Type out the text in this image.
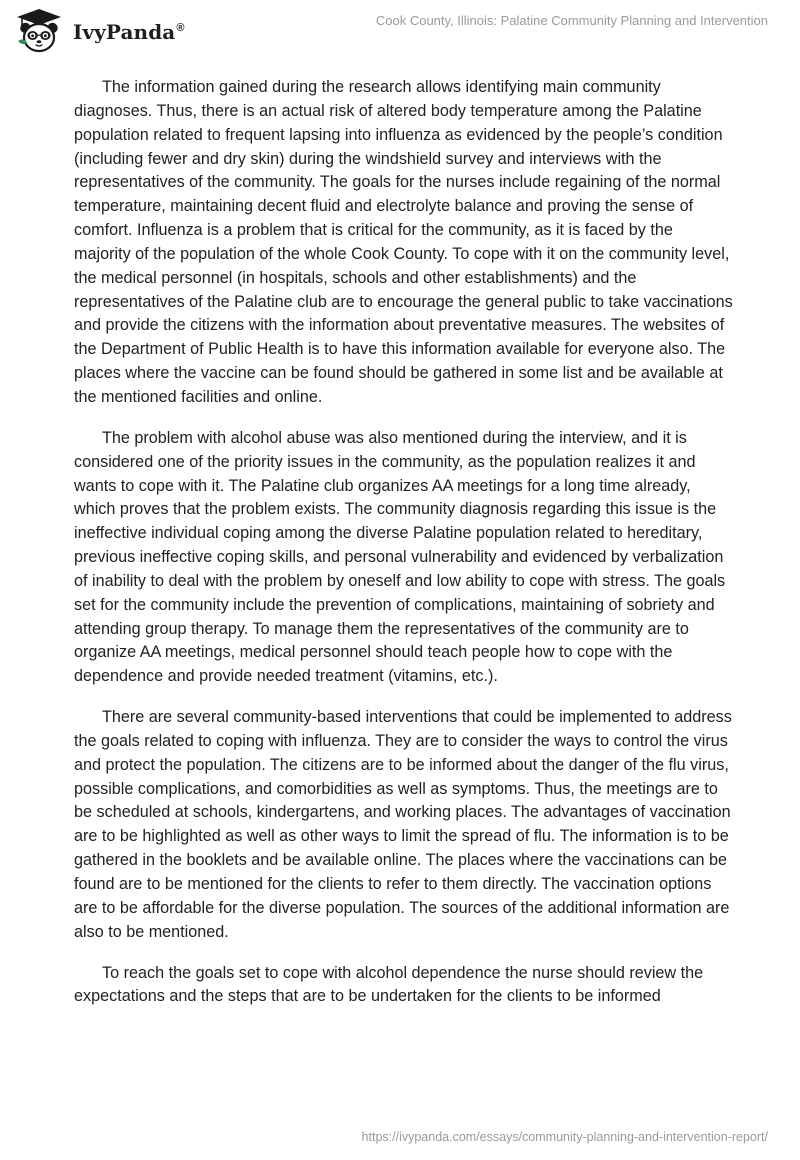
IvyPanda®
Cook County, Illinois: Palatine Community Planning and Intervention

The information gained during the research allows identifying main community diagnoses. Thus, there is an actual risk of altered body temperature among the Palatine population related to frequent lapsing into influenza as evidenced by the people’s condition (including fewer and dry skin) during the windshield survey and interviews with the representatives of the community. The goals for the nurses include regaining of the normal temperature, maintaining decent fluid and electrolyte balance and proving the sense of comfort. Influenza is a problem that is critical for the community, as it is faced by the majority of the population of the whole Cook County. To cope with it on the community level, the medical personnel (in hospitals, schools and other establishments) and the representatives of the Palatine club are to encourage the general public to take vaccinations and provide the citizens with the information about preventative measures. The websites of the Department of Public Health is to have this information available for everyone also. The places where the vaccine can be found should be gathered in some list and be available at the mentioned facilities and online.

The problem with alcohol abuse was also mentioned during the interview, and it is considered one of the priority issues in the community, as the population realizes it and wants to cope with it. The Palatine club organizes AA meetings for a long time already, which proves that the problem exists. The community diagnosis regarding this issue is the ineffective individual coping among the diverse Palatine population related to hereditary, previous ineffective coping skills, and personal vulnerability and evidenced by verbalization of inability to deal with the problem by oneself and low ability to cope with stress. The goals set for the community include the prevention of complications, maintaining of sobriety and attending group therapy. To manage them the representatives of the community are to organize AA meetings, medical personnel should teach people how to cope with the dependence and provide needed treatment (vitamins, etc.).

There are several community-based interventions that could be implemented to address the goals related to coping with influenza. They are to consider the ways to control the virus and protect the population. The citizens are to be informed about the danger of the flu virus, possible complications, and comorbidities as well as symptoms. Thus, the meetings are to be scheduled at schools, kindergartens, and working places. The advantages of vaccination are to be highlighted as well as other ways to limit the spread of flu. The information is to be gathered in the booklets and be available online. The places where the vaccinations can be found are to be mentioned for the clients to refer to them directly. The vaccination options are to be affordable for the diverse population. The sources of the additional information are also to be mentioned.

To reach the goals set to cope with alcohol dependence the nurse should review the expectations and the steps that are to be undertaken for the clients to be informed

https://ivypanda.com/essays/community-planning-and-intervention-report/
